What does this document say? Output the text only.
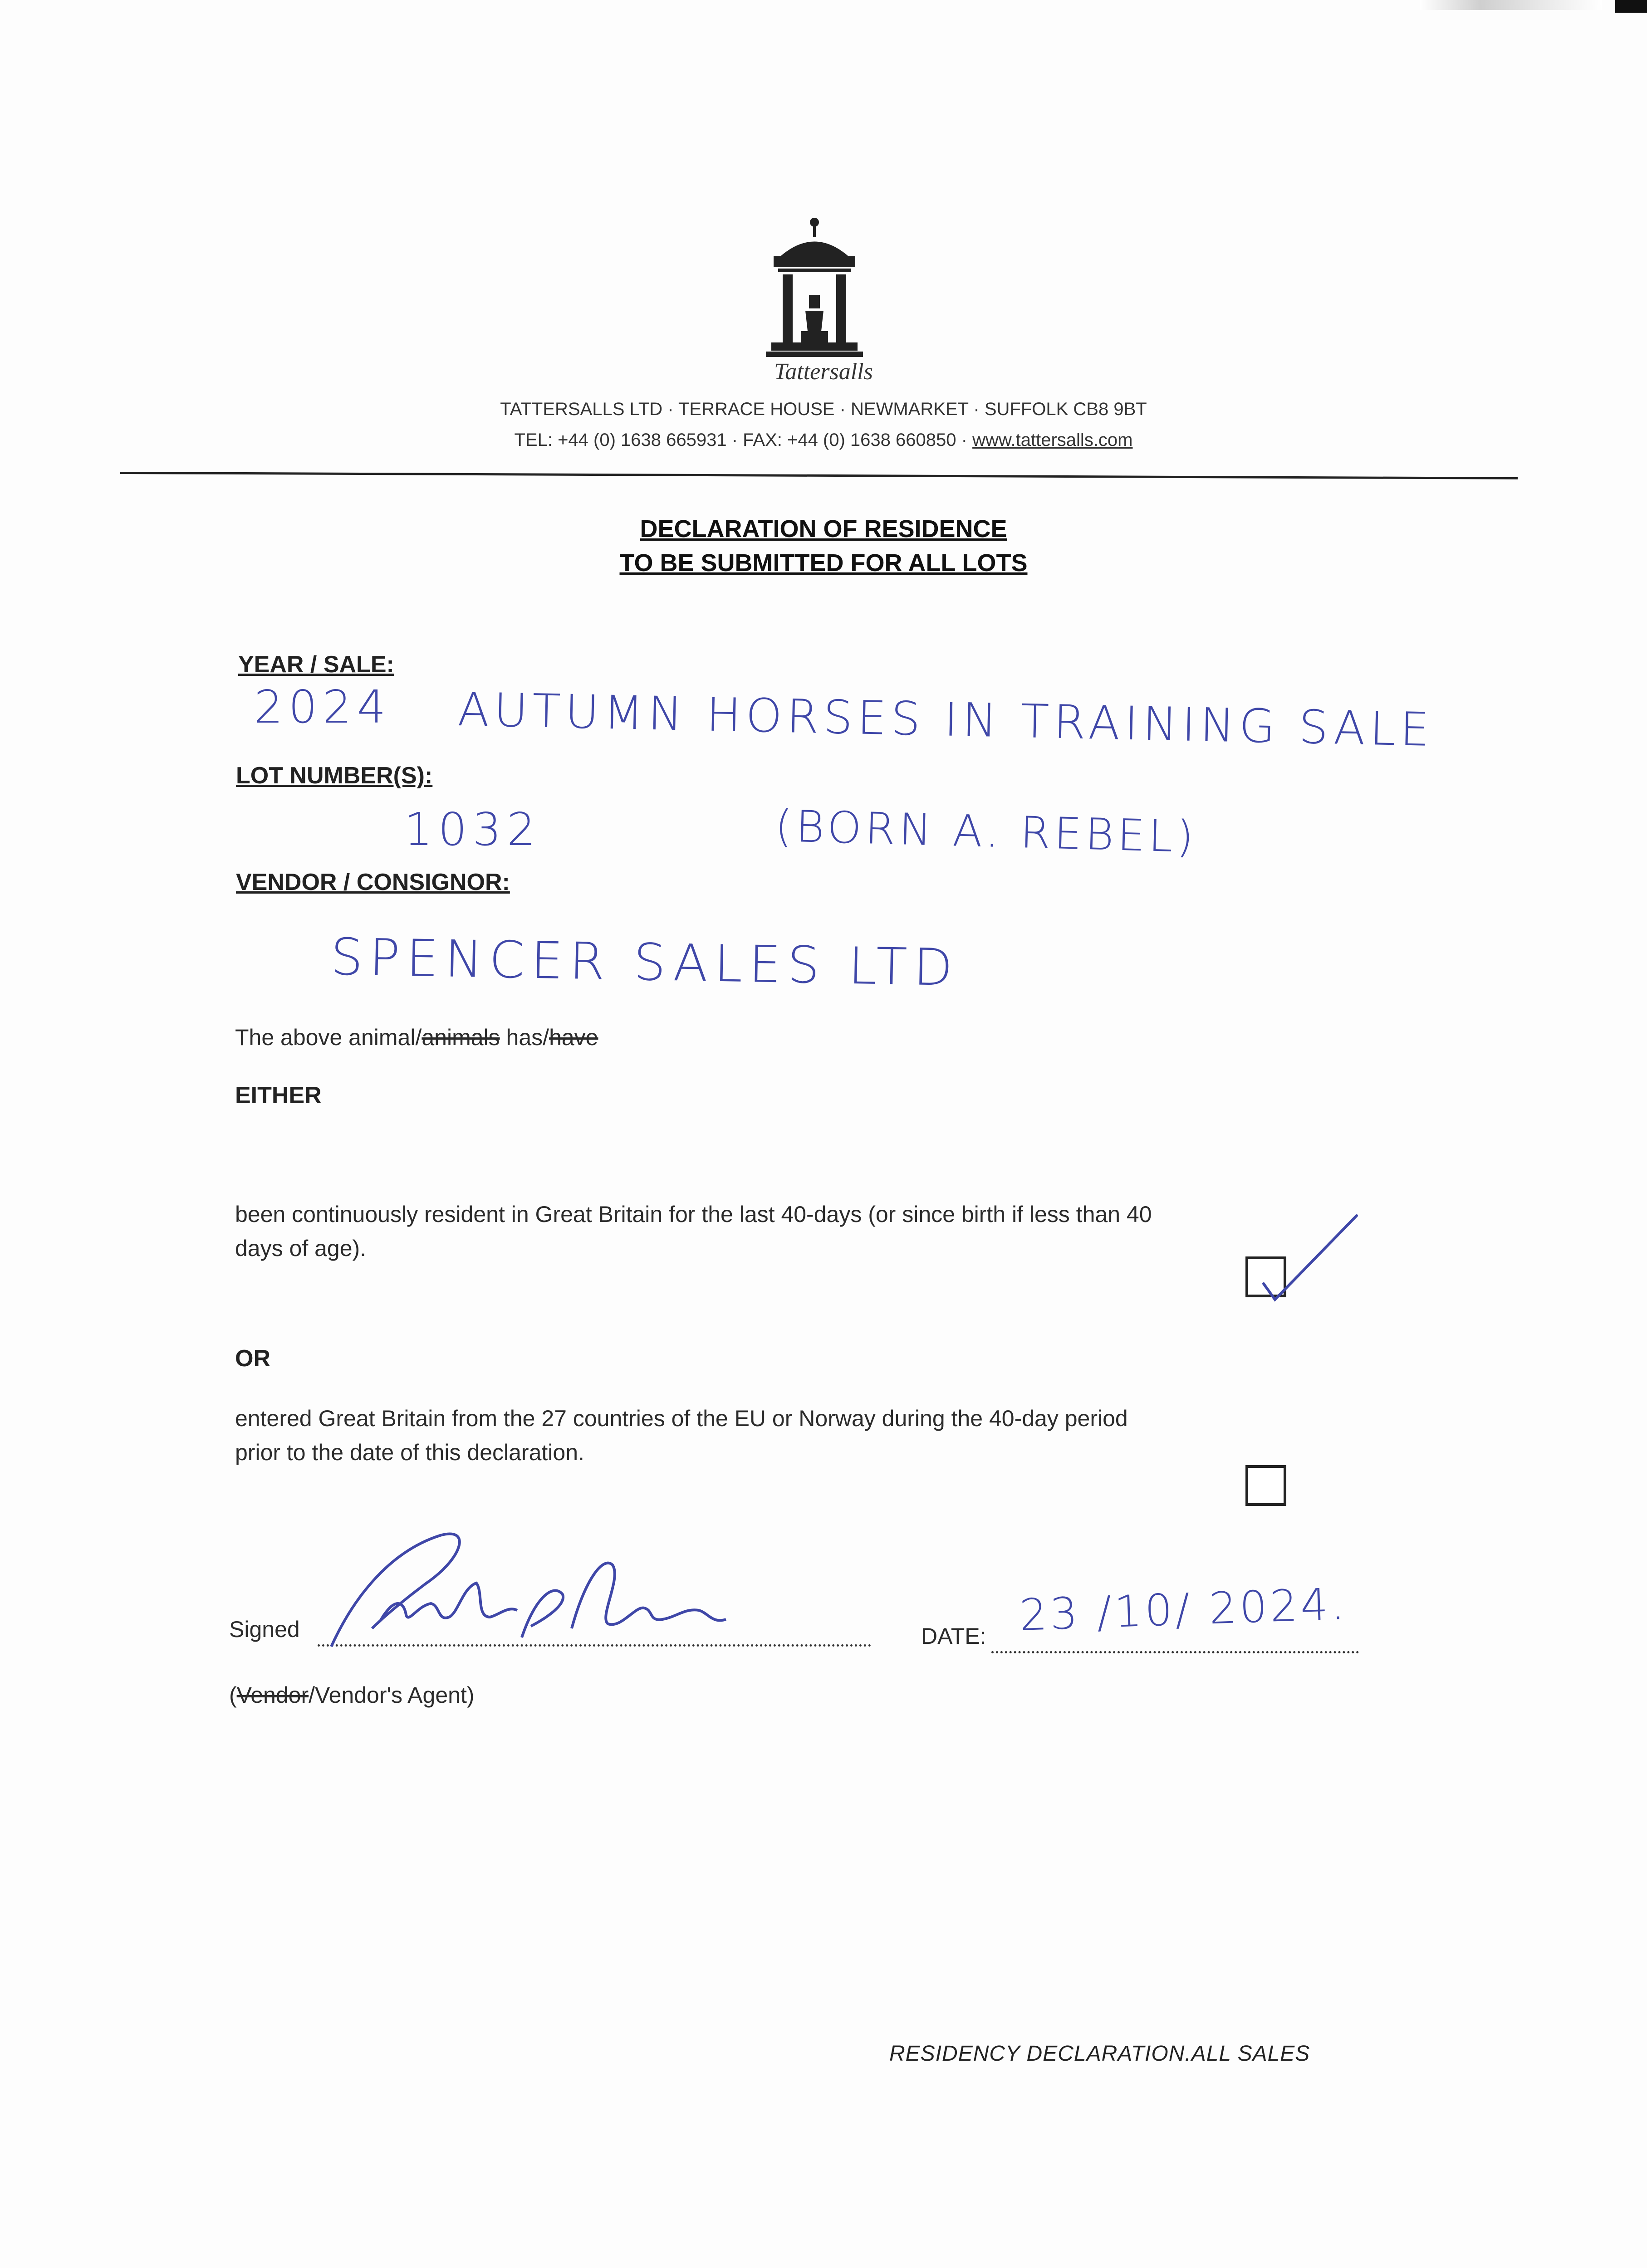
Tattersalls
TATTERSALLS LTD · TERRACE HOUSE · NEWMARKET · SUFFOLK CB8 9BT
TEL: +44 (0) 1638 665931 · FAX: +44 (0) 1638 660850 · www.tattersalls.com
DECLARATION OF RESIDENCE
TO BE SUBMITTED FOR ALL LOTS
YEAR / SALE:
2024 AUTUMN HORSES IN TRAINING SALE
LOT NUMBER(S):
1032	(BORN A. REBEL)
VENDOR / CONSIGNOR:
SPENCER SALES LTD
The above animal/animals has/have
EITHER
been continuously resident in Great Britain for the last 40-days (or since birth if less than 40
days of age).
OR
entered Great Britain from the 27 countries of the EU or Norway during the 40-day period
prior to the date of this declaration.
Signed	DATE: 23 /10/ 2024.
(Vendor/Vendor's Agent)
RESIDENCY DECLARATION.ALL SALES
